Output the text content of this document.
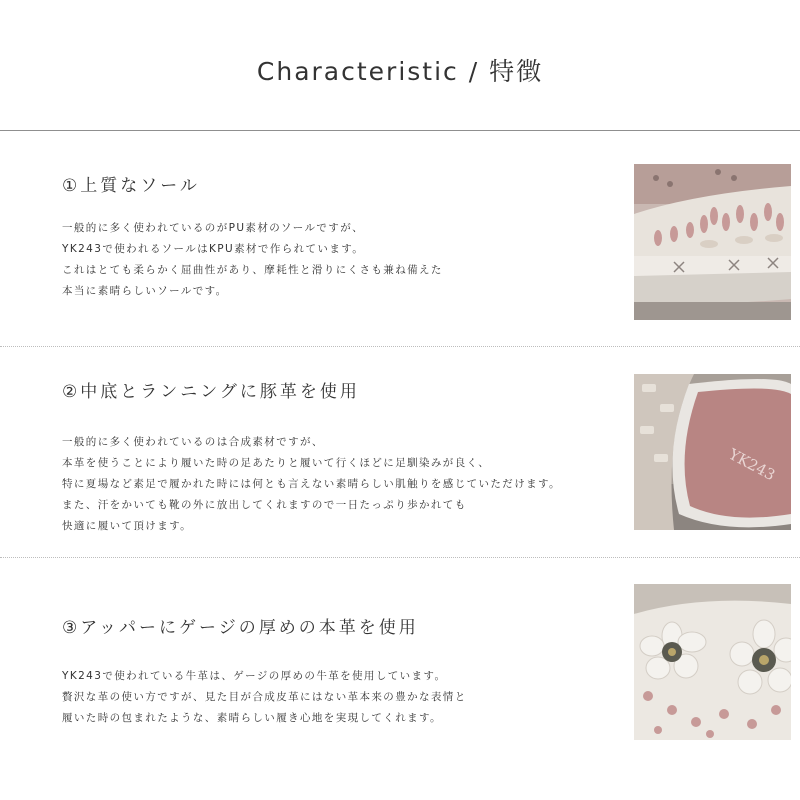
Characteristic / 特徴
①上質なソール
一般的に多く使われているのがPU素材のソールですが、
YK243で使われるソールはKPU素材で作られています。
これはとても柔らかく屈曲性があり、摩耗性と滑りにくさも兼ね備えた
本当に素晴らしいソールです。
②中底とランニングに豚革を使用
一般的に多く使われているのは合成素材ですが、
本革を使うことにより履いた時の足あたりと履いて行くほどに足馴染みが良く、
特に夏場など素足で履かれた時には何とも言えない素晴らしい肌触りを感じていただけます。
また、汗をかいても靴の外に放出してくれますので一日たっぷり歩かれても
快適に履いて頂けます。
YK243
③アッパーにゲージの厚めの本革を使用
YK243で使われている牛革は、ゲージの厚めの牛革を使用しています。
贅沢な革の使い方ですが、見た目が合成皮革にはない革本来の豊かな表情と
履いた時の包まれたような、素晴らしい履き心地を実現してくれます。
